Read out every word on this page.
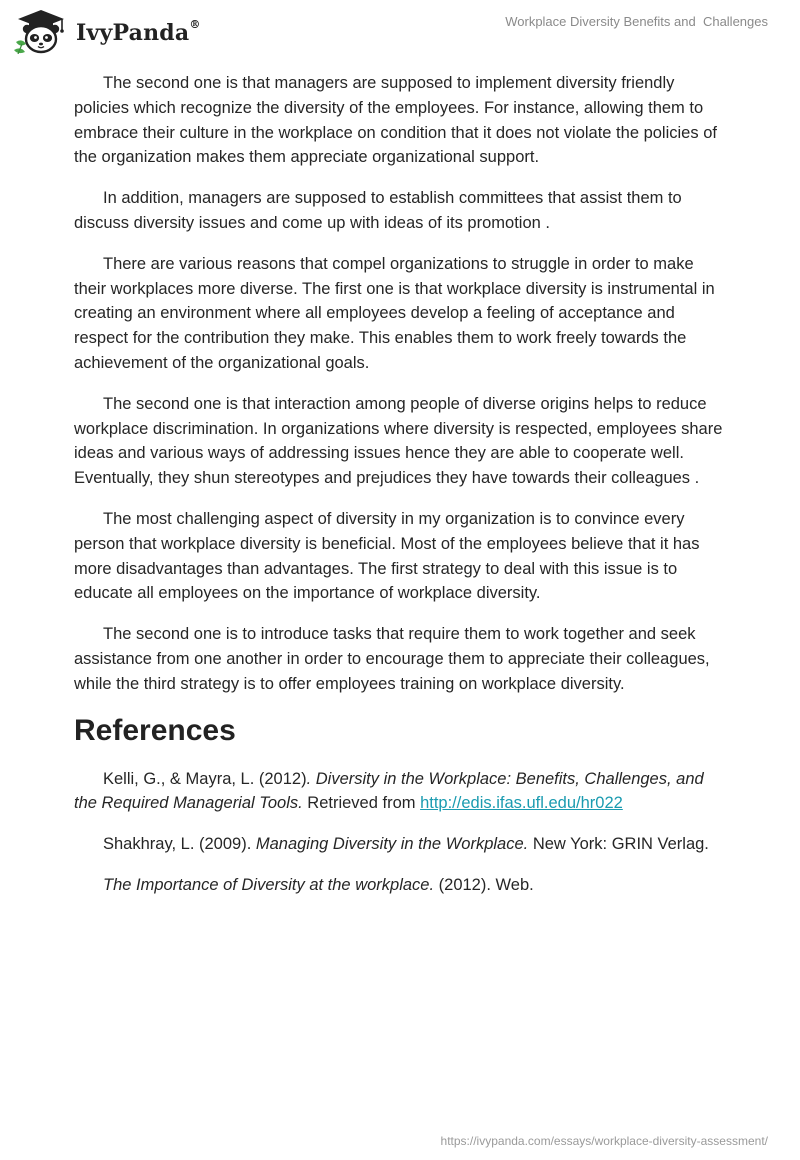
IvyPanda®	Workplace Diversity Benefits and  Challenges

The second one is that managers are supposed to implement diversity friendly policies which recognize the diversity of the employees. For instance, allowing them to embrace their culture in the workplace on condition that it does not violate the policies of the organization makes them appreciate organizational support.

In addition, managers are supposed to establish committees that assist them to discuss diversity issues and come up with ideas of its promotion .

There are various reasons that compel organizations to struggle in order to make their workplaces more diverse. The first one is that workplace diversity is instrumental in creating an environment where all employees develop a feeling of acceptance and respect for the contribution they make. This enables them to work freely towards the achievement of the organizational goals.

The second one is that interaction among people of diverse origins helps to reduce workplace discrimination. In organizations where diversity is respected, employees share ideas and various ways of addressing issues hence they are able to cooperate well. Eventually, they shun stereotypes and prejudices they have towards their colleagues .

The most challenging aspect of diversity in my organization is to convince every person that workplace diversity is beneficial. Most of the employees believe that it has more disadvantages than advantages. The first strategy to deal with this issue is to educate all employees on the importance of workplace diversity.

The second one is to introduce tasks that require them to work together and seek assistance from one another in order to encourage them to appreciate their colleagues, while the third strategy is to offer employees training on workplace diversity.

References

Kelli, G., & Mayra, L. (2012). Diversity in the Workplace: Benefits, Challenges, and the Required Managerial Tools. Retrieved from http://edis.ifas.ufl.edu/hr022

Shakhray, L. (2009). Managing Diversity in the Workplace. New York: GRIN Verlag.

The Importance of Diversity at the workplace. (2012). Web.

https://ivypanda.com/essays/workplace-diversity-assessment/
